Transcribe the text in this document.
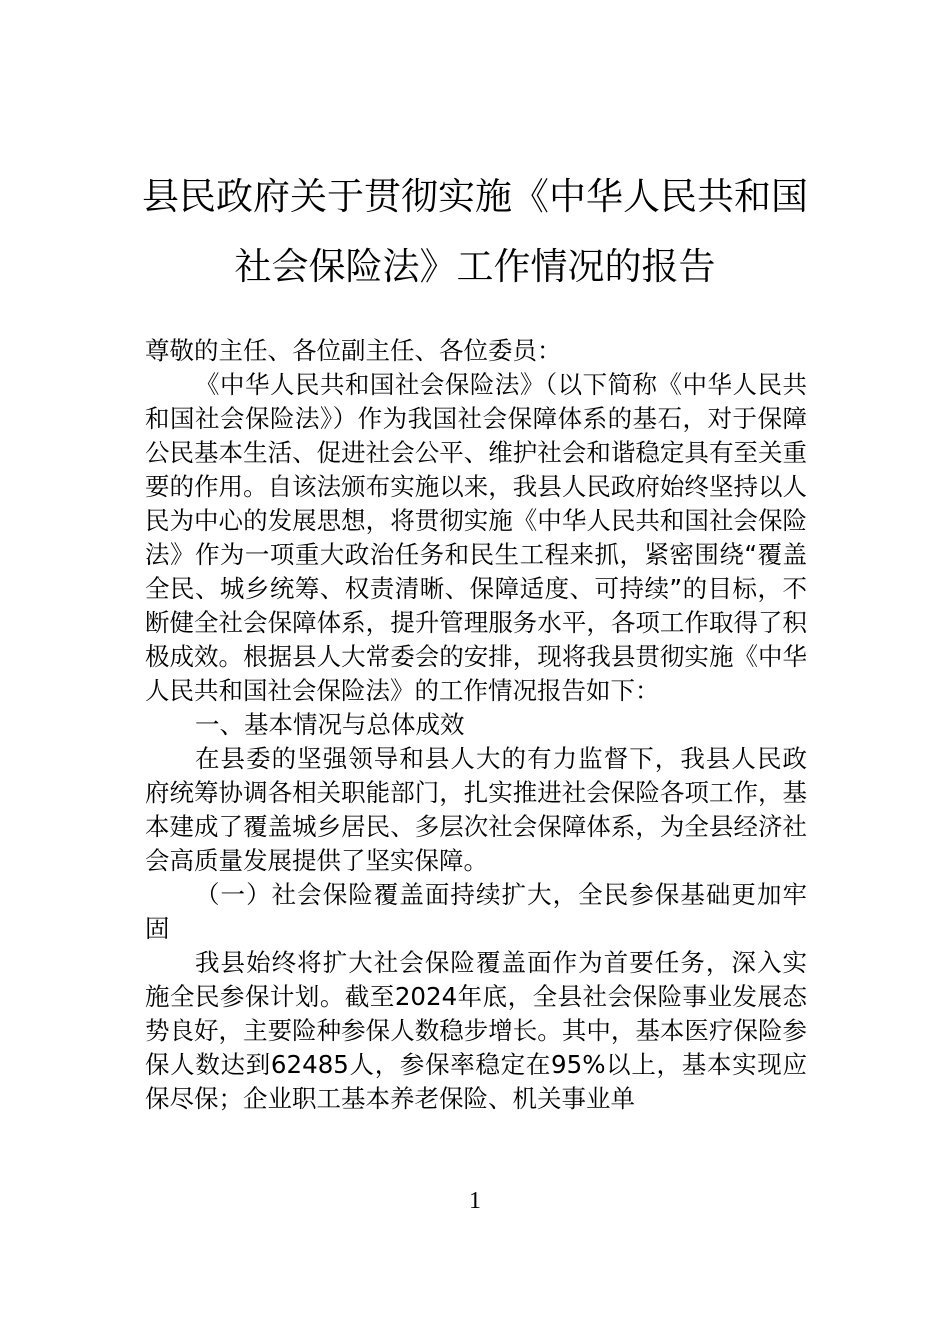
县民政府关于贯彻实施《中华人民共和国
社会保险法》工作情况的报告

尊敬的主任、各位副主任、各位委员：

《中华人民共和国社会保险法》（以下简称《中华人民共和国社会保险法》）作为我国社会保障体系的基石，对于保障公民基本生活、促进社会公平、维护社会和谐稳定具有至关重要的作用。自该法颁布实施以来，我县人民政府始终坚持以人民为中心的发展思想，将贯彻实施《中华人民共和国社会保险法》作为一项重大政治任务和民生工程来抓，紧密围绕“覆盖全民、城乡统筹、权责清晰、保障适度、可持续”的目标，不断健全社会保障体系，提升管理服务水平，各项工作取得了积极成效。根据县人大常委会的安排，现将我县贯彻实施《中华人民共和国社会保险法》的工作情况报告如下：

一、基本情况与总体成效

在县委的坚强领导和县人大的有力监督下，我县人民政府统筹协调各相关职能部门，扎实推进社会保险各项工作，基本建成了覆盖城乡居民、多层次社会保障体系，为全县经济社会高质量发展提供了坚实保障。

（一）社会保险覆盖面持续扩大，全民参保基础更加牢固

我县始终将扩大社会保险覆盖面作为首要任务，深入实施全民参保计划。截至2024年底，全县社会保险事业发展态势良好，主要险种参保人数稳步增长。其中，基本医疗保险参保人数达到62485人，参保率稳定在95%以上，基本实现应保尽保；企业职工基本养老保险、机关事业单

1
